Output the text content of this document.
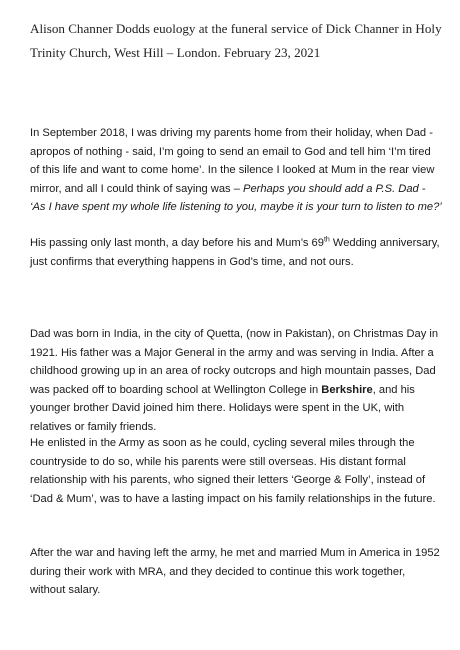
Alison Channer Dodds euology at the funeral service of Dick Channer in Holy Trinity Church, West Hill – London. February 23, 2021

In September 2018, I was driving my parents home from their holiday, when Dad - apropos of nothing - said, I’m going to send an email to God and tell him ‘I’m tired of this life and want to come home’. In the silence I looked at Mum in the rear view mirror, and all I could think of saying was – Perhaps you should add a P.S. Dad - ‘As I have spent my whole life listening to you, maybe it is your turn to listen to me?’

His passing only last month, a day before his and Mum’s 69th Wedding anniversary, just confirms that everything happens in God’s time, and not ours.

Dad was born in India, in the city of Quetta, (now in Pakistan), on Christmas Day in 1921. His father was a Major General in the army and was serving in India. After a childhood growing up in an area of rocky outcrops and high mountain passes, Dad was packed off to boarding school at Wellington College in Berkshire, and his younger brother David joined him there. Holidays were spent in the UK, with relatives or family friends.

He enlisted in the Army as soon as he could, cycling several miles through the countryside to do so, while his parents were still overseas. His distant formal relationship with his parents, who signed their letters ‘George & Folly’, instead of ‘Dad & Mum’, was to have a lasting impact on his family relationships in the future.

After the war and having left the army, he met and married Mum in America in 1952 during their work with MRA, and they decided to continue this work together, without salary.
